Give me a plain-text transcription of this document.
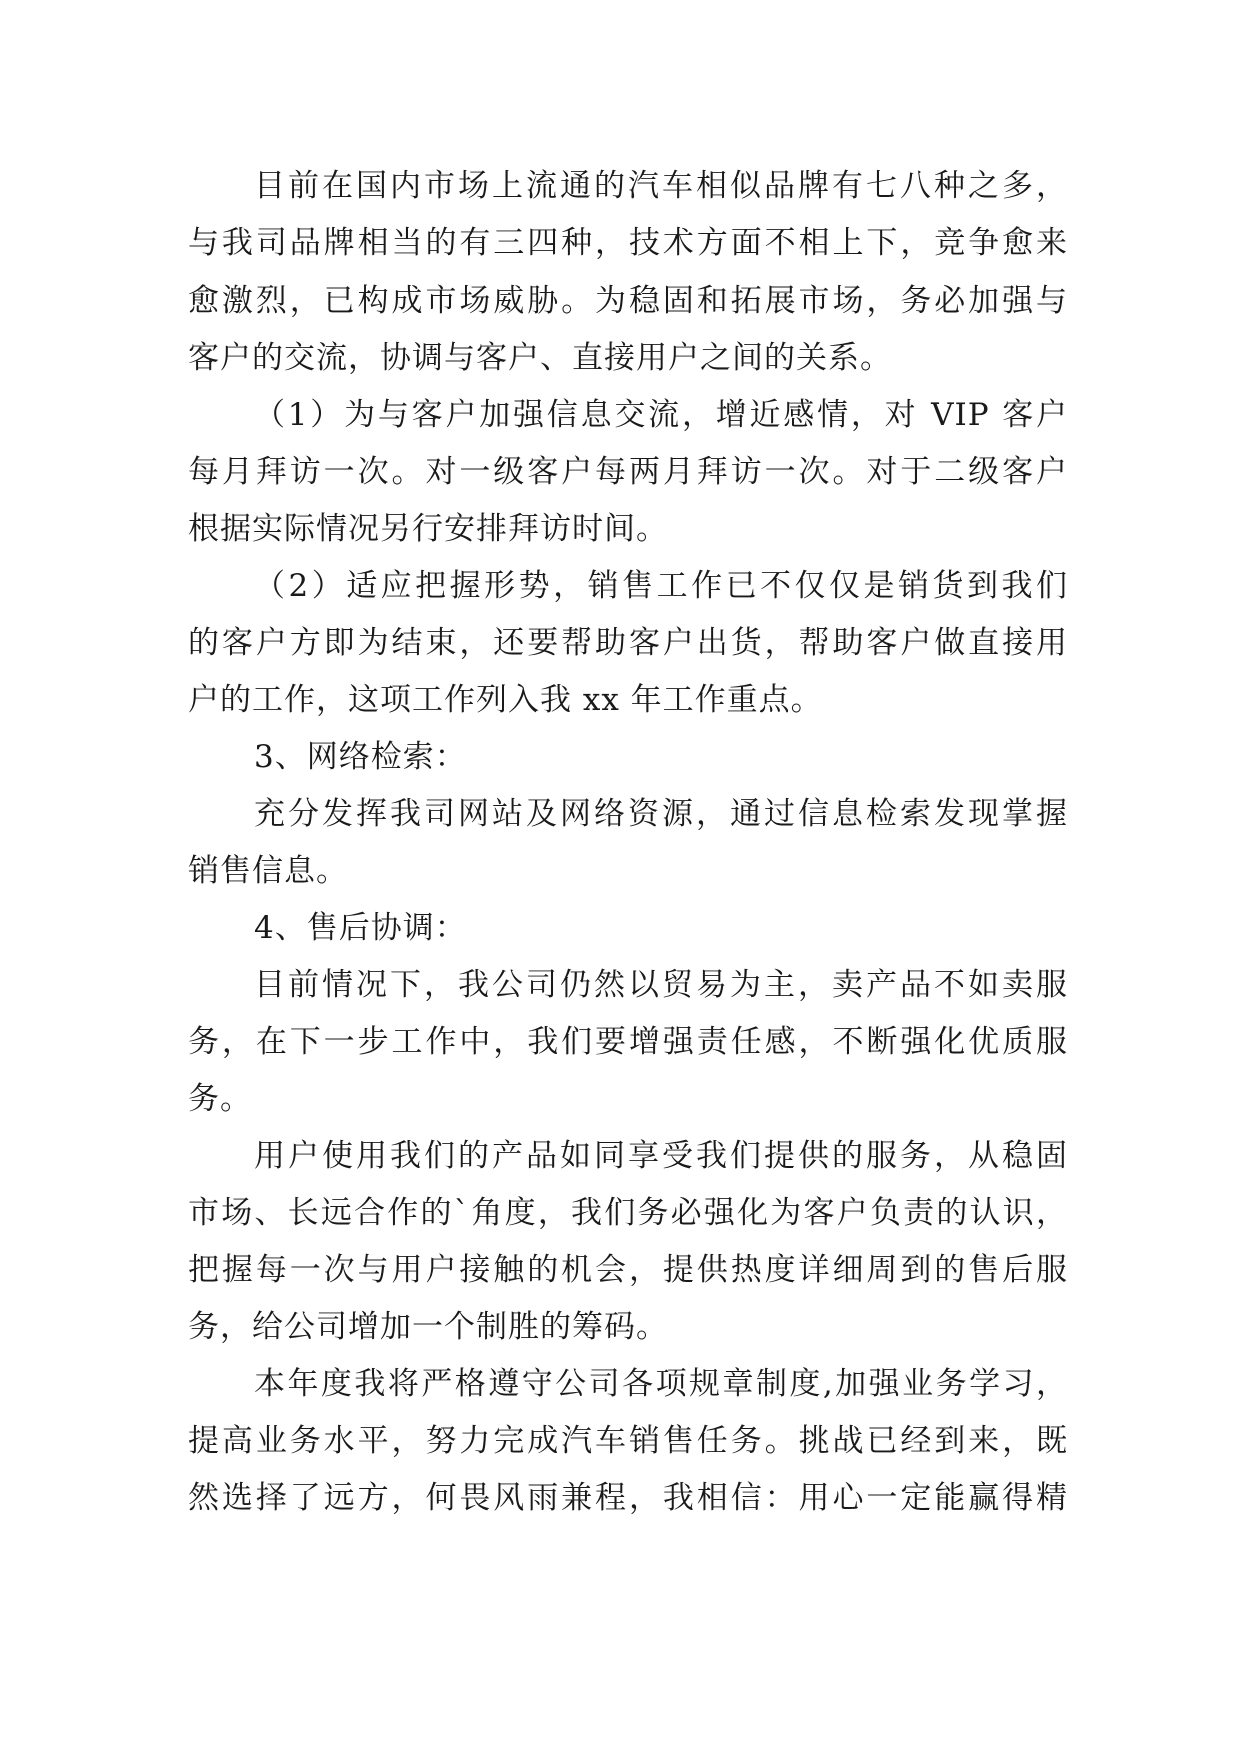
目前在国内市场上流通的汽车相似品牌有七八种之多，
与我司品牌相当的有三四种，技术方面不相上下，竞争愈来
愈激烈，已构成市场威胁。为稳固和拓展市场，务必加强与
客户的交流，协调与客户、直接用户之间的关系。
（1）为与客户加强信息交流，增近感情，对 VIP 客户
每月拜访一次。对一级客户每两月拜访一次。对于二级客户
根据实际情况另行安排拜访时间。
（2）适应把握形势，销售工作已不仅仅是销货到我们
的客户方即为结束，还要帮助客户出货，帮助客户做直接用
户的工作，这项工作列入我 xx 年工作重点。
3、网络检索：
充分发挥我司网站及网络资源，通过信息检索发现掌握
销售信息。
4、售后协调：
目前情况下，我公司仍然以贸易为主，卖产品不如卖服
务，在下一步工作中，我们要增强责任感，不断强化优质服
务。
用户使用我们的产品如同享受我们提供的服务，从稳固
市场、长远合作的`角度，我们务必强化为客户负责的认识，
把握每一次与用户接触的机会，提供热度详细周到的售后服
务，给公司增加一个制胜的筹码。
本年度我将严格遵守公司各项规章制度,加强业务学习，
提高业务水平，努力完成汽车销售任务。挑战已经到来，既
然选择了远方，何畏风雨兼程，我相信：用心一定能赢得精
